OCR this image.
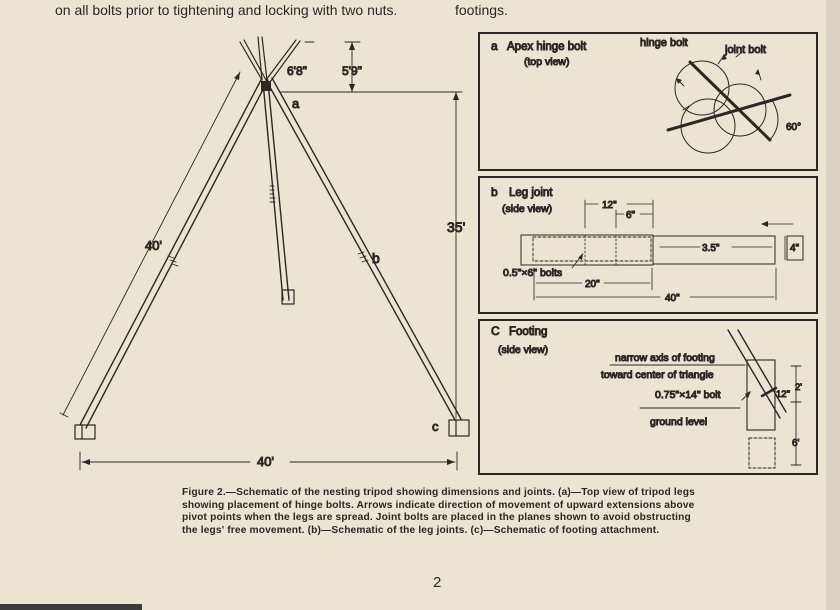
on all bolts prior to tightening and locking with two nuts.	footings.
6'8"	5'9"
a
35'
40'
b
c
40'
a Apex hinge bolt
(top view)
hinge bolt
joint bolt
60°
b Leg joint
(side view)	12"
6"
0.5"×6" bolts
20"
3.5"
40"
4"
C Footing
(side view)
narrow axis of footing
toward center of triangle
0.75"×14" bolt
ground level
12"
2'
6'
Figure 2.—Schematic of the nesting tripod showing dimensions and joints. (a)—Top view of tripod legs showing placement of hinge bolts. Arrows indicate direction of movement of upward extensions above pivot points when the legs are spread. Joint bolts are placed in the planes shown to avoid obstructing the legs' free movement. (b)—Schematic of the leg joints. (c)—Schematic of footing attachment.
2
